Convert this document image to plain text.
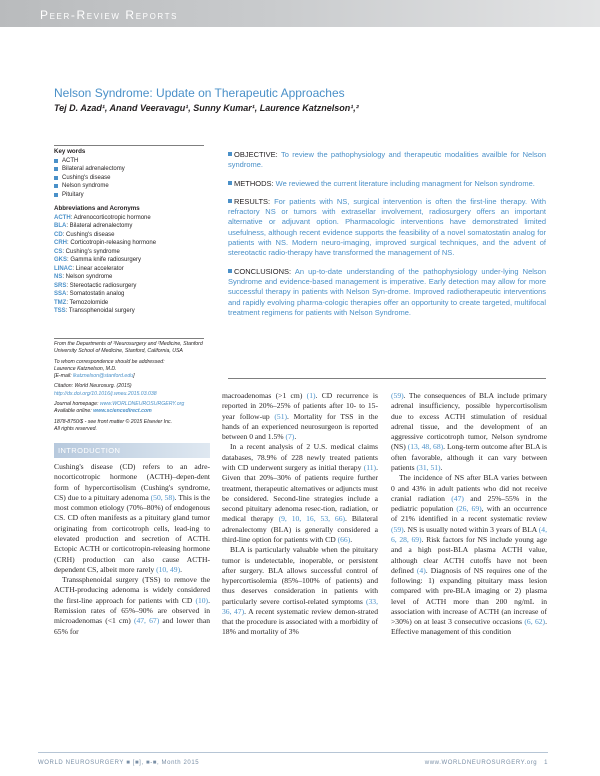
Peer-Review Reports
Nelson Syndrome: Update on Therapeutic Approaches
Tej D. Azad¹, Anand Veeravagu¹, Sunny Kumar¹, Laurence Katznelson¹,²
Key words
ACTH
Bilateral adrenalectomy
Cushing's disease
Nelson syndrome
Pituitary
Abbreviations and Acronyms
ACTH: Adrenocorticotropic hormone
BLA: Bilateral adrenalectomy
CD: Cushing's disease
CRH: Corticotropin-releasing hormone
CS: Cushing's syndrome
GKS: Gamma knife radiosurgery
LINAC: Linear accelerator
NS: Nelson syndrome
SRS: Stereotactic radiosurgery
SSA: Somatostatin analog
TMZ: Temozolomide
TSS: Transsphenoidal surgery

From the Departments of ¹Neurosurgery and ²Medicine, Stanford University School of Medicine, Stanford, California, USA

To whom correspondence should be addressed:
Laurence Katznelson, M.D.
[E-mail: lkatznelson@stanford.edu]

Citation: World Neurosurg. (2015)
http://dx.doi.org/10.1016/j.wneu.2015.03.038

Journal homepage: www.WORLDNEUROSURGERY.org
Available online: www.sciencedirect.com

1878-8750/$ - see front matter © 2015 Elsevier Inc.
All rights reserved.

OBJECTIVE: To review the pathophysiology and therapeutic modalities availble for Nelson syndrome.
METHODS: We reviewed the current literature including managment for Nelson syndrome.
RESULTS: For patients with NS, surgical intervention is often the first-line therapy. With refractory NS or tumors with extrasellar involvement, radiosurgery offers an important alternative or adjuvant option. Pharmacologic interventions have demonstrated limited usefulness, although recent evidence supports the feasibility of a novel somatostatin analog for patients with NS. Modern neuro-imaging, improved surgical techniques, and the advent of stereotactic radio-therapy have transformed the management of NS.
CONCLUSIONS: An up-to-date understanding of the pathophysiology under-lying Nelson Syndrome and evidence-based management is imperative. Early detection may allow for more successful therapy in patients with Nelson Syn-drome. Improved radiotherapeutic interventions and rapidly evolving pharma-cologic therapies offer an opportunity to create targeted, multifocal treatment regimens for patients with Nelson Syndrome.
INTRODUCTION

Cushing's disease (CD) refers to an adre-nocorticotropic hormone (ACTH)–depen-dent form of hypercortisolism (Cushing's syndrome, CS) due to a pituitary adenoma (50, 58). This is the most common etiology (70%–80%) of endogenous CS. CD often manifests as a pituitary gland tumor originating from corticotroph cells, lead-ing to elevated production and secretion of ACTH. Ectopic ACTH or corticotropin-releasing hormone (CRH) production can also cause ACTH-dependent CS, albeit more rarely (10, 49).

Transsphenoidal surgery (TSS) to remove the ACTH-producing adenoma is widely considered the first-line approach for patients with CD (10). Remission rates of 65%–90% are observed in microadenomas (<1 cm) (47, 67) and lower than 65% for

macroadenomas (>1 cm) (1). CD recurrence is reported in 20%–25% of patients after 10- to 15-year follow-up (51). Mortality for TSS in the hands of an experienced neurosurgeon is reported between 0 and 1.5% (7).

In a recent analysis of 2 U.S. medical claims databases, 78.9% of 228 newly treated patients with CD underwent surgery as initial therapy (11). Given that 20%–30% of patients require further treatment, therapeutic alternatives or adjuncts must be considered. Second-line strategies include a second pituitary adenoma resec-tion, radiation, or medical therapy (9, 10, 16, 53, 66). Bilateral adrenalectomy (BLA) is generally considered a third-line option for patients with CD (66).

BLA is particularly valuable when the pituitary tumor is undetectable, inoperable, or persistent after surgery. BLA allows successful control of hypercortisolemia (85%–100% of patients) and thus deserves consideration in patients with particularly severe cortisol-related symptoms (33, 36, 47). A recent systematic review demon-strated that the procedure is associated with a morbidity of 18% and mortality of 3%

(59). The consequences of BLA include primary adrenal insufficiency, possible hypercortisolism due to excess ACTH stimulation of residual adrenal tissue, and the development of an aggressive corticotroph tumor, Nelson syndrome (NS) (13, 48, 68). Long-term outcome after BLA is often favorable, although it can vary between patients (31, 51).

The incidence of NS after BLA varies between 0 and 43% in adult patients who did not receive cranial radiation (47) and 25%–55% in the pediatric population (26, 69), with an occurrence of 21% identified in a recent systematic review (59). NS is usually noted within 3 years of BLA (4, 6, 28, 69). Risk factors for NS include young age and a high post-BLA plasma ACTH value, although clear ACTH cutoffs have not been defined (4). Diagnosis of NS requires one of the following: 1) expanding pituitary mass lesion compared with pre-BLA imaging or 2) plasma level of ACTH more than 200 ng/mL in association with increase of ACTH (an increase of >30%) on at least 3 consecutive occasions (6, 62). Effective management of this condition

WORLD NEUROSURGERY ■ [■], ■-■, Month 2015	www.WORLDNEUROSURGERY.org 1
